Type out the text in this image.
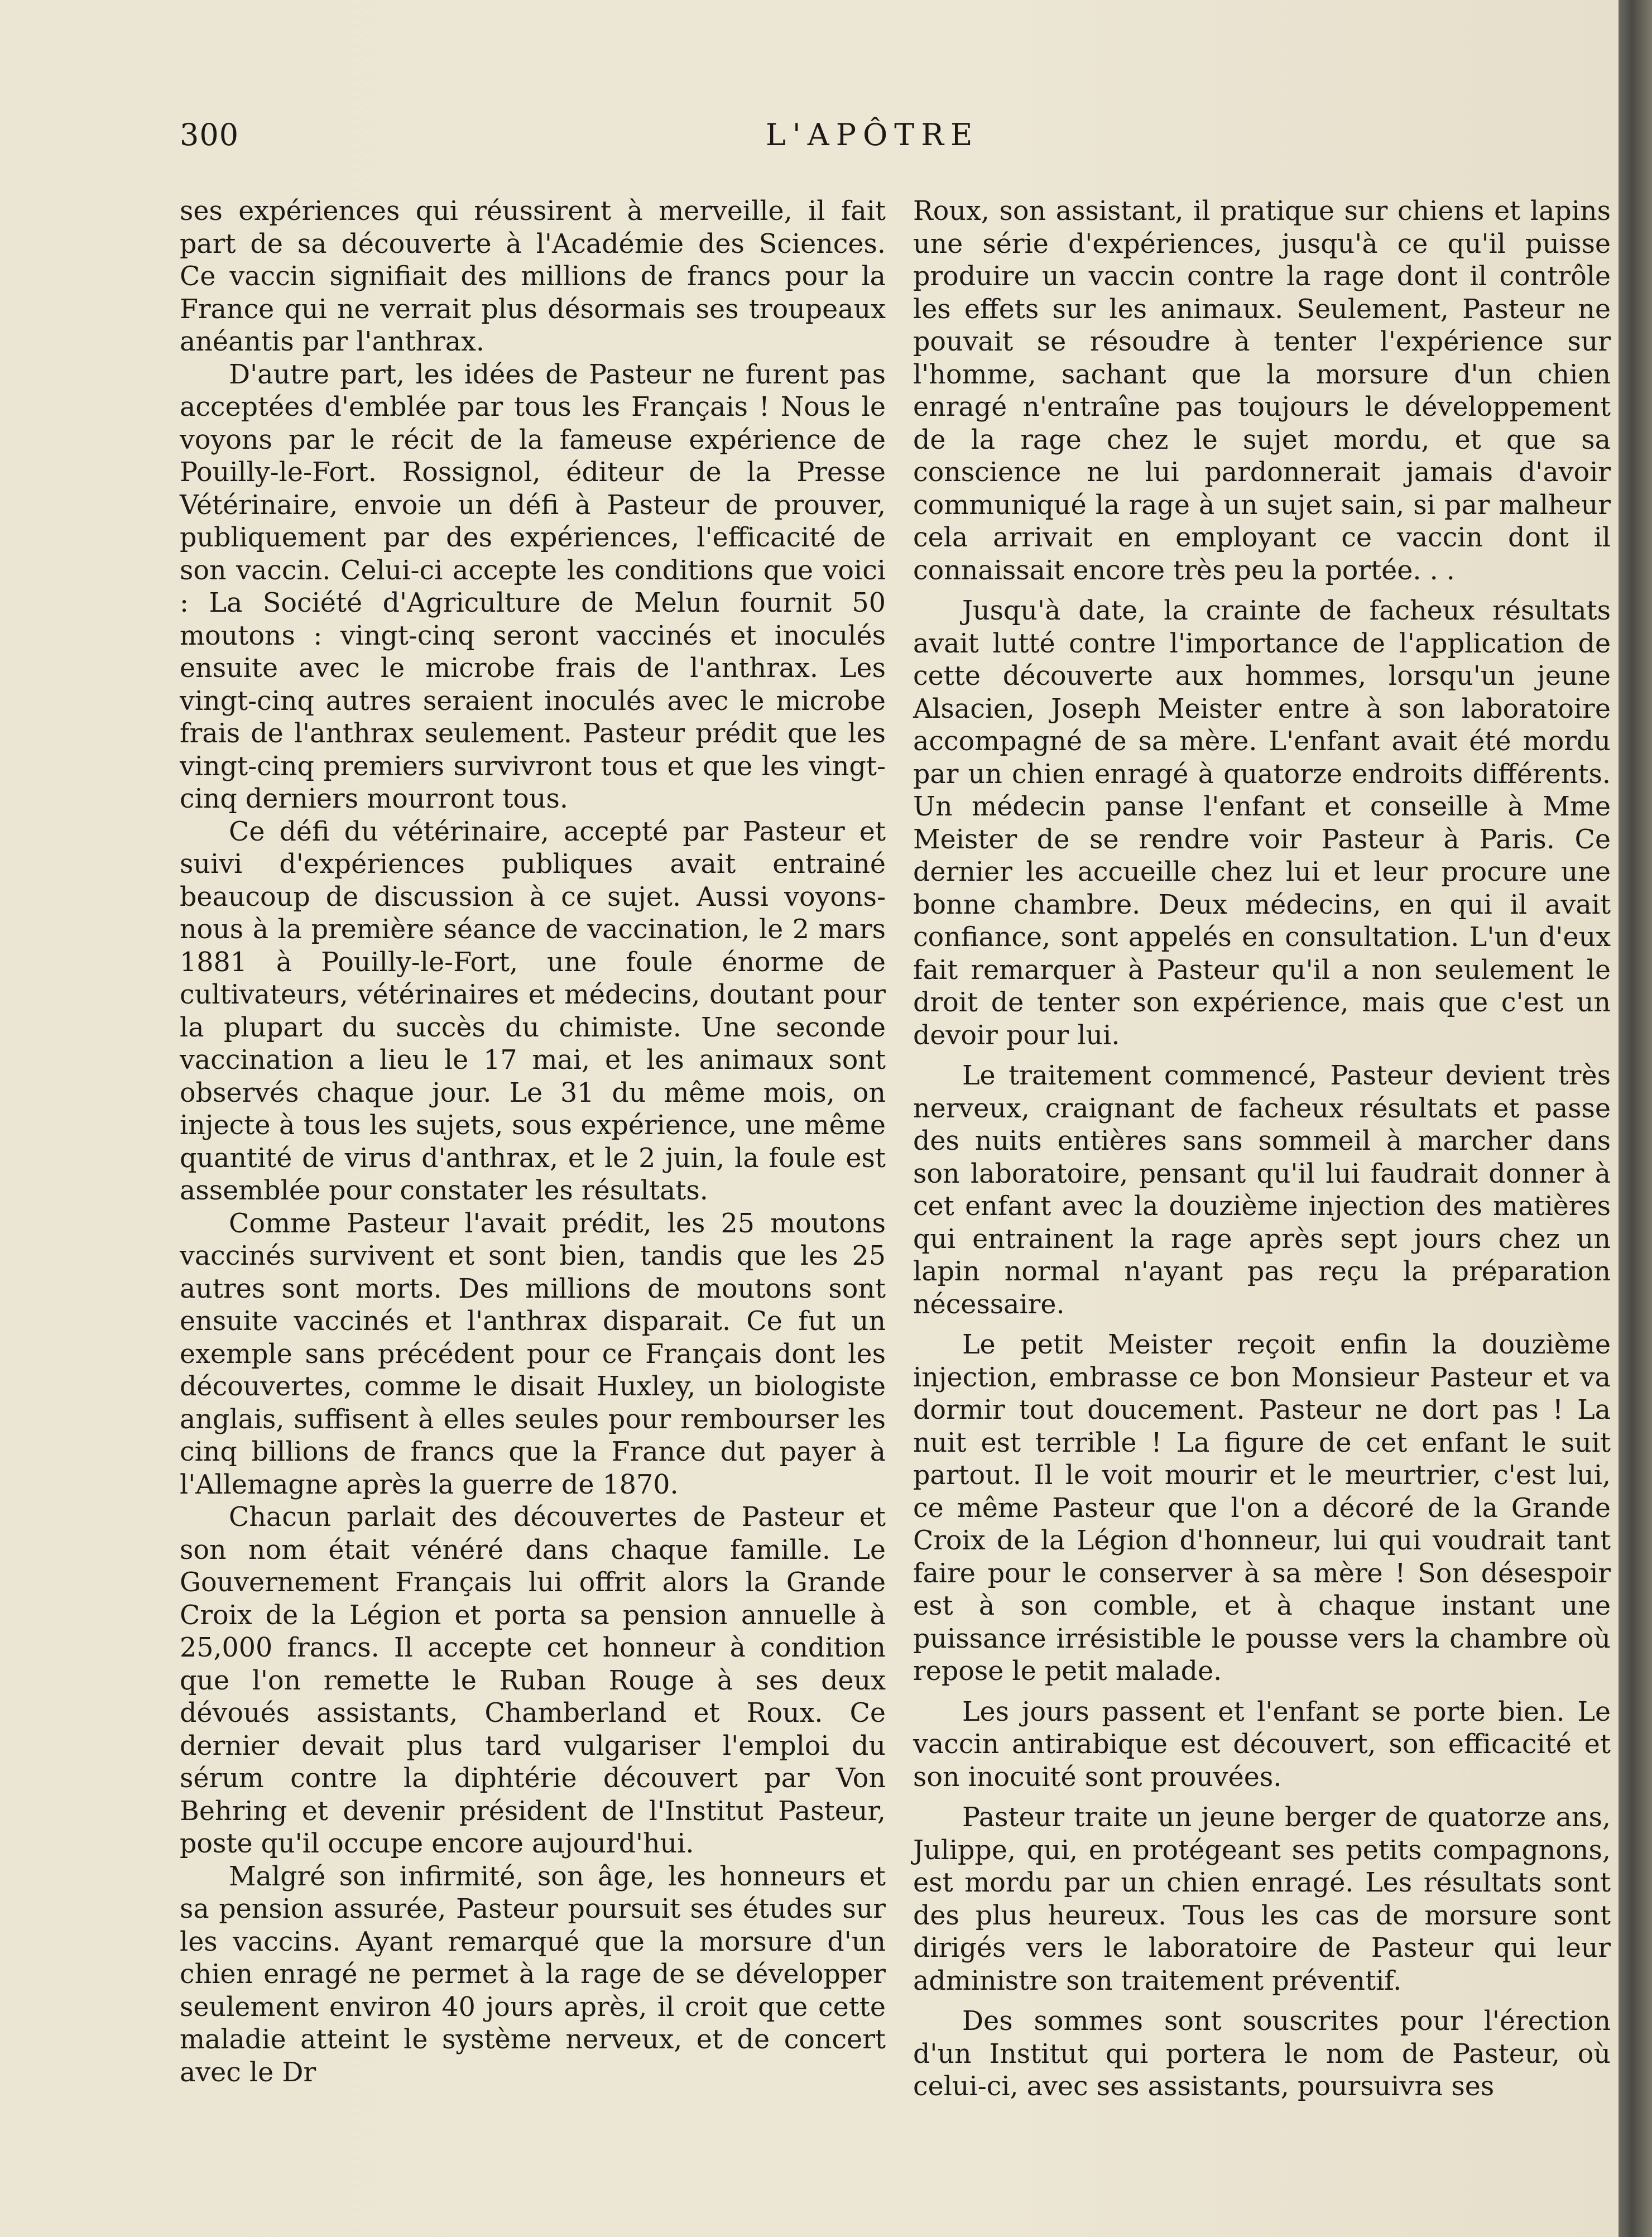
300	L'APÔTRE

ses expériences qui réussirent à merveille, il fait part de sa découverte à l'Académie des Sciences. Ce vaccin signifiait des millions de francs pour la France qui ne verrait plus désormais ses troupeaux anéantis par l'anthrax.

D'autre part, les idées de Pasteur ne furent pas acceptées d'emblée par tous les Français ! Nous le voyons par le récit de la fameuse expérience de Pouilly-le-Fort. Rossignol, éditeur de la Presse Vétérinaire, envoie un défi à Pasteur de prouver, publiquement par des expériences, l'efficacité de son vaccin. Celui-ci accepte les conditions que voici : La Société d'Agriculture de Melun fournit 50 moutons : vingt-cinq seront vaccinés et inoculés ensuite avec le microbe frais de l'anthrax. Les vingt-cinq autres seraient inoculés avec le microbe frais de l'anthrax seulement. Pasteur prédit que les vingt-cinq premiers survivront tous et que les vingt-cinq derniers mourront tous.

Ce défi du vétérinaire, accepté par Pasteur et suivi d'expériences publiques avait entrainé beaucoup de discussion à ce sujet. Aussi voyons-nous à la première séance de vaccination, le 2 mars 1881 à Pouilly-le-Fort, une foule énorme de cultivateurs, vétérinaires et médecins, doutant pour la plupart du succès du chimiste. Une seconde vaccination a lieu le 17 mai, et les animaux sont observés chaque jour. Le 31 du même mois, on injecte à tous les sujets, sous expérience, une même quantité de virus d'anthrax, et le 2 juin, la foule est assemblée pour constater les résultats.

Comme Pasteur l'avait prédit, les 25 moutons vaccinés survivent et sont bien, tandis que les 25 autres sont morts. Des millions de moutons sont ensuite vaccinés et l'anthrax disparait. Ce fut un exemple sans précédent pour ce Français dont les découvertes, comme le disait Huxley, un biologiste anglais, suffisent à elles seules pour rembourser les cinq billions de francs que la France dut payer à l'Allemagne après la guerre de 1870.

Chacun parlait des découvertes de Pasteur et son nom était vénéré dans chaque famille. Le Gouvernement Français lui offrit alors la Grande Croix de la Légion et porta sa pension annuelle à 25,000 francs. Il accepte cet honneur à condition que l'on remette le Ruban Rouge à ses deux dévoués assistants, Chamberland et Roux. Ce dernier devait plus tard vulgariser l'emploi du sérum contre la diphtérie découvert par Von Behring et devenir président de l'Institut Pasteur, poste qu'il occupe encore aujourd'hui.

Malgré son infirmité, son âge, les honneurs et sa pension assurée, Pasteur poursuit ses études sur les vaccins. Ayant remarqué que la morsure d'un chien enragé ne permet à la rage de se développer seulement environ 40 jours après, il croit que cette maladie atteint le système nerveux, et de concert avec le Dr

Roux, son assistant, il pratique sur chiens et lapins une série d'expériences, jusqu'à ce qu'il puisse produire un vaccin contre la rage dont il contrôle les effets sur les animaux. Seulement, Pasteur ne pouvait se résoudre à tenter l'expérience sur l'homme, sachant que la morsure d'un chien enragé n'entraîne pas toujours le développement de la rage chez le sujet mordu, et que sa conscience ne lui pardonnerait jamais d'avoir communiqué la rage à un sujet sain, si par malheur cela arrivait en employant ce vaccin dont il connaissait encore très peu la portée. . .

Jusqu'à date, la crainte de facheux résultats avait lutté contre l'importance de l'application de cette découverte aux hommes, lorsqu'un jeune Alsacien, Joseph Meister entre à son laboratoire accompagné de sa mère. L'enfant avait été mordu par un chien enragé à quatorze endroits différents. Un médecin panse l'enfant et conseille à Mme Meister de se rendre voir Pasteur à Paris. Ce dernier les accueille chez lui et leur procure une bonne chambre. Deux médecins, en qui il avait confiance, sont appelés en consultation. L'un d'eux fait remarquer à Pasteur qu'il a non seulement le droit de tenter son expérience, mais que c'est un devoir pour lui.

Le traitement commencé, Pasteur devient très nerveux, craignant de facheux résultats et passe des nuits entières sans sommeil à marcher dans son laboratoire, pensant qu'il lui faudrait donner à cet enfant avec la douzième injection des matières qui entrainent la rage après sept jours chez un lapin normal n'ayant pas reçu la préparation nécessaire.

Le petit Meister reçoit enfin la douzième injection, embrasse ce bon Monsieur Pasteur et va dormir tout doucement. Pasteur ne dort pas ! La nuit est terrible ! La figure de cet enfant le suit partout. Il le voit mourir et le meurtrier, c'est lui, ce même Pasteur que l'on a décoré de la Grande Croix de la Légion d'honneur, lui qui voudrait tant faire pour le conserver à sa mère ! Son désespoir est à son comble, et à chaque instant une puissance irrésistible le pousse vers la chambre où repose le petit malade.

Les jours passent et l'enfant se porte bien. Le vaccin antirabique est découvert, son efficacité et son inocuité sont prouvées.

Pasteur traite un jeune berger de quatorze ans, Julippe, qui, en protégeant ses petits compagnons, est mordu par un chien enragé. Les résultats sont des plus heureux. Tous les cas de morsure sont dirigés vers le laboratoire de Pasteur qui leur administre son traitement préventif.

Des sommes sont souscrites pour l'érection d'un Institut qui portera le nom de Pasteur, où celui-ci, avec ses assistants, poursuivra ses
